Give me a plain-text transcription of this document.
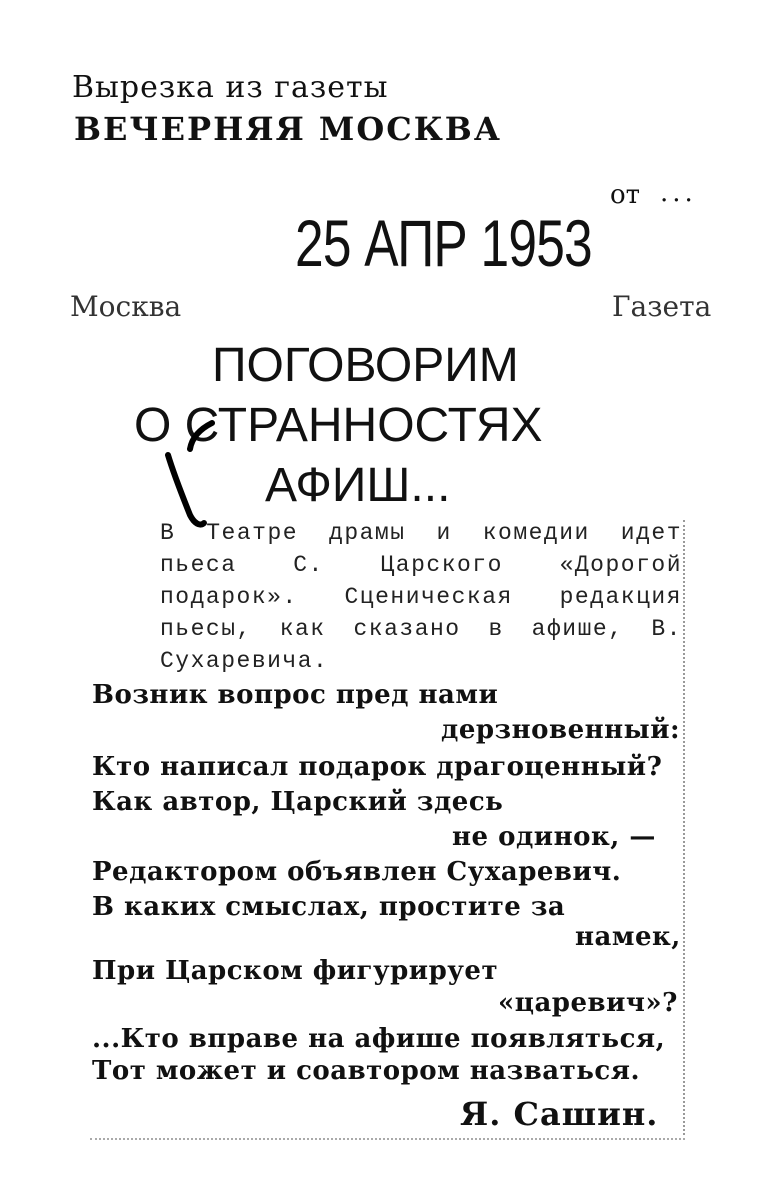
Вырезка из газеты
ВЕЧЕРНЯЯ МОСКВА
от ...
25 АПР 1953
Москва	Газета
ПОГОВОРИМ
О СТРАННОСТЯХ
АФИШ...
В Театре драмы и комедии идет пьеса С. Царского «Дорогой подарок». Сценическая редакция пьесы, как сказано в афише, В. Сухаревича.
Возник вопрос пред нами
дерзновенный:
Кто написал подарок драгоценный?
Как автор, Царский здесь
не одинок, —
Редактором объявлен Сухаревич.
В каких смыслах, простите за
намек,
При Царском фигурирует
«царевич»?
...Кто вправе на афише появляться,
Тот может и соавтором назваться.
Я. Сашин.
